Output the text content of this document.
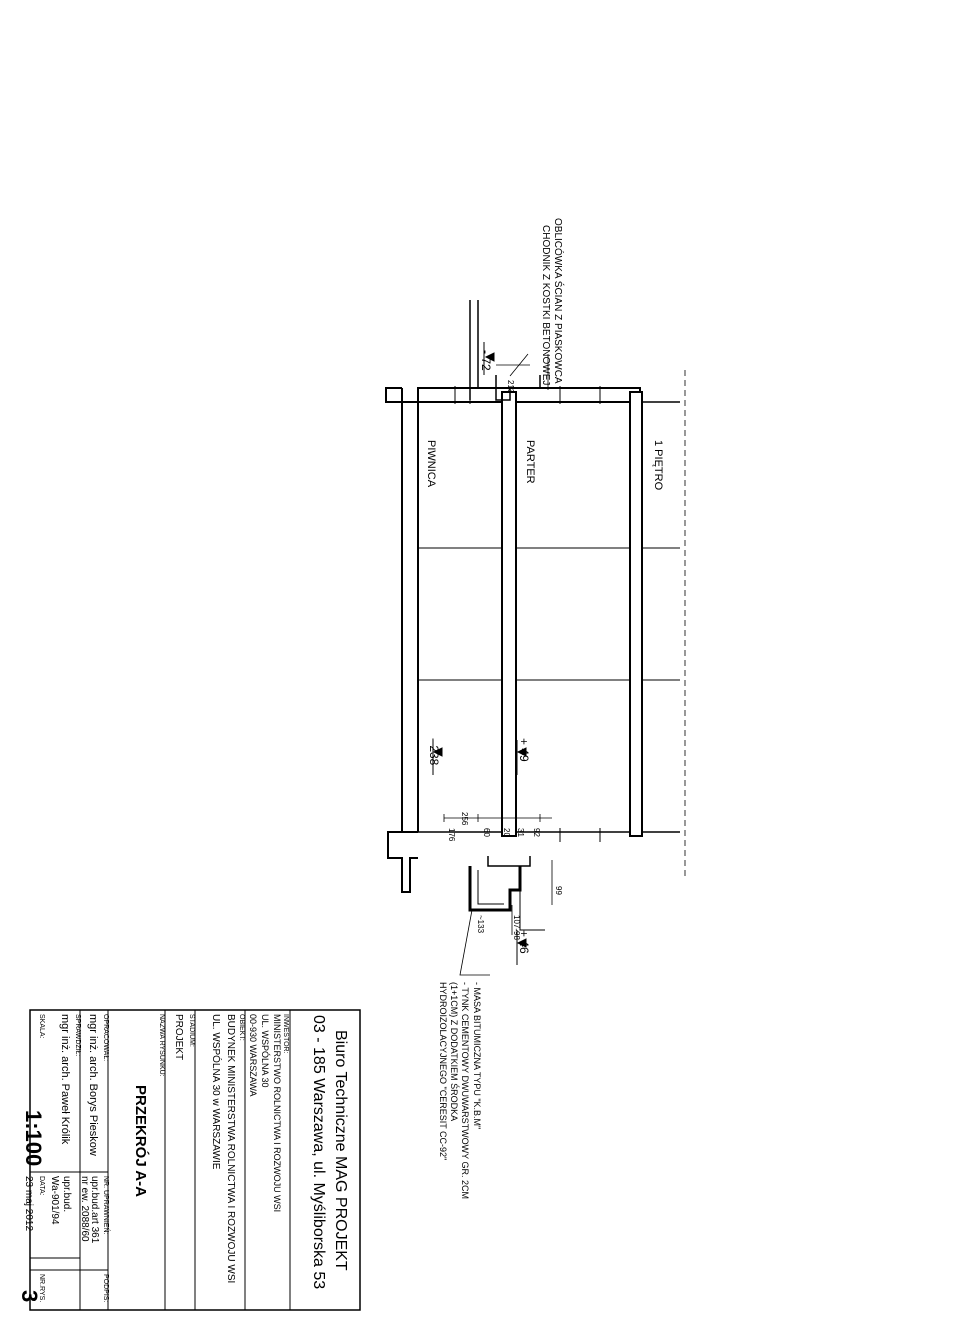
OBLICÓWKA ŚCIAN Z PIASKOWCA
CHODNIK Z KOSTKI BETONOWEJ
PIWNICA	PARTER	1 PIĘTRO
- 72
- 238	+ 49
+ 46
213
256
176	60 20 31 92
99
~133	107-98
- MASA BITUMICZNA TYPU "K.B.M"
- TYNK CEMENTOWY DWUWARSTWOWY GR. 2CM
(1+1CM) Z DODATKIEM ŚRODKA
HYDROIZOLACYJNEGO "CERESIT CC-92"
Biuro Techniczne MAG PROJEKT
03 - 185 Warszawa, ul. Myśliborska 53
INWESTOR:
MINISTERSTWO ROLNICTWA I ROZWOJU WSI
UL. WSPÓLNA 30
00-930 WARSZAWA
OBIEKT:
BUDYNEK MINISTERSTWA ROLNICTWA I ROZWOJU WSI
UL. WSPÓLNA 30 w WARSZAWIE
STADIUM:
PROJEKT
NAZWA RYSUNKU:
PRZEKRÓJ A-A
OPRACOWAŁ:
NR. UPRAWNIEŃ:
PODPIS:
mgr inż. arch. Borys Pieskow
upr.bud.art 361
nr ew. 2088/60
SPRAWDZIŁ:
mgr inż. arch. Paweł Królik
upr.bud.
Wa-901/94
SKALA:
1:100
DATA:
23 maj 2012
NR.RYS.
3
